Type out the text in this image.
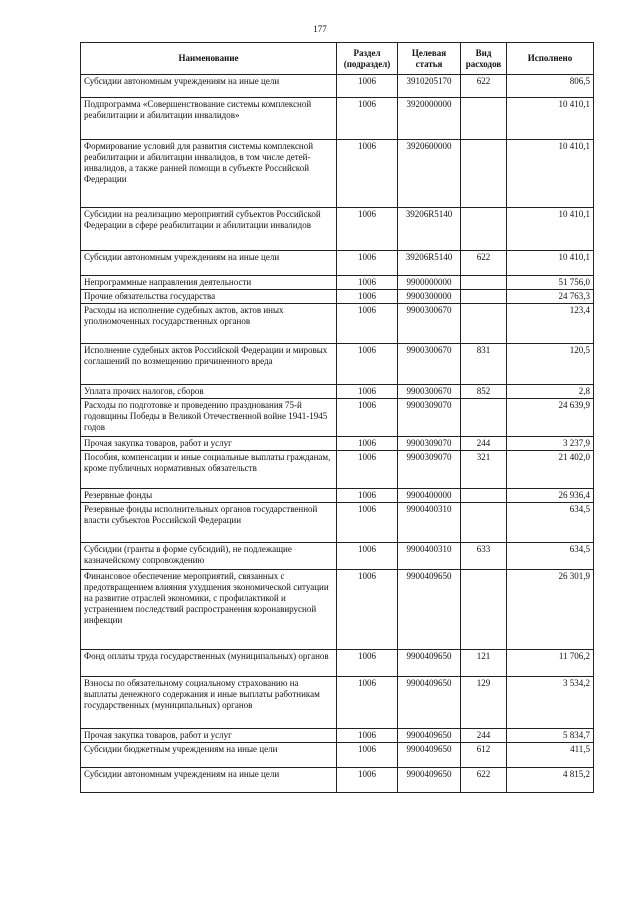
177
Наименование	Раздел (подраздел)	Целевая статья	Вид расходов	Исполнено
Субсидии автономным учреждениям на иные цели	1006	3910205170	622	806,5
Подпрограмма «Совершенствование системы комплексной реабилитации и абилитации инвалидов»	1006	3920000000		10 410,1
Формирование условий для развития системы комплексной реабилитации и абилитации инвалидов, в том числе детей-инвалидов, а также ранней помощи в субъекте Российской Федерации	1006	3920600000		10 410,1
Субсидии на реализацию мероприятий субъектов Российской Федерации в сфере реабилитации и абилитации инвалидов	1006	39206R5140		10 410,1
Субсидии автономным учреждениям на иные цели	1006	39206R5140	622	10 410,1
Непрограммные направления деятельности	1006	9900000000		51 756,0
Прочие обязательства государства	1006	9900300000		24 763,3
Расходы на исполнение судебных актов, актов иных уполномоченных государственных органов	1006	9900300670		123,4
Исполнение судебных актов Российской Федерации и мировых соглашений по возмещению причиненного вреда	1006	9900300670	831	120,5
Уплата прочих налогов, сборов	1006	9900300670	852	2,8
Расходы по подготовке и проведению празднования 75-й годовщины Победы в Великой Отечественной войне 1941-1945 годов	1006	9900309070		24 639,9
Прочая закупка товаров, работ и услуг	1006	9900309070	244	3 237,9
Пособия, компенсации и иные социальные выплаты гражданам, кроме публичных нормативных обязательств	1006	9900309070	321	21 402,0
Резервные фонды	1006	9900400000		26 936,4
Резервные фонды исполнительных органов государственной власти субъектов Российской Федерации	1006	9900400310		634,5
Субсидии (гранты в форме субсидий), не подлежащие казначейскому сопровождению	1006	9900400310	633	634,5
Финансовое обеспечение мероприятий, связанных с предотвращением влияния ухудшения экономической ситуации на развитие отраслей экономики, с профилактикой и устранением последствий распространения коронавирусной инфекции	1006	9900409650		26 301,9
Фонд оплаты труда государственных (муниципальных) органов	1006	9900409650	121	11 706,2
Взносы по обязательному социальному страхованию на выплаты денежного содержания и иные выплаты работникам государственных (муниципальных) органов	1006	9900409650	129	3 534,2
Прочая закупка товаров, работ и услуг	1006	9900409650	244	5 834,7
Субсидии бюджетным учреждениям на иные цели	1006	9900409650	612	411,5
Субсидии автономным учреждениям на иные цели	1006	9900409650	622	4 815,2
